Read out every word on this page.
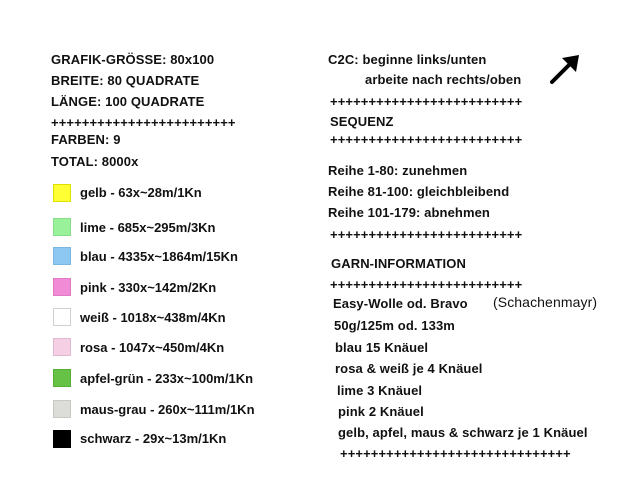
GRAFIK-GRÖSSE: 80x100
BREITE: 80 QUADRATE
LÄNGE: 100 QUADRATE
++++++++++++++++++++++++
FARBEN: 9
TOTAL: 8000x
gelb - 63x~28m/1Kn
lime - 685x~295m/3Kn
blau - 4335x~1864m/15Kn
pink - 330x~142m/2Kn
weiß - 1018x~438m/4Kn
rosa - 1047x~450m/4Kn
apfel-grün - 233x~100m/1Kn
maus-grau - 260x~111m/1Kn
schwarz - 29x~13m/1Kn
C2C: beginne links/unten
arbeite nach rechts/oben
+++++++++++++++++++++++++
SEQUENZ
+++++++++++++++++++++++++
Reihe 1-80: zunehmen
Reihe 81-100: gleichbleibend
Reihe 101-179: abnehmen
+++++++++++++++++++++++++
GARN-INFORMATION
+++++++++++++++++++++++++
Easy-Wolle od. Bravo (Schachenmayr)
50g/125m od. 133m
blau 15 Knäuel
rosa & weiß je 4 Knäuel
lime 3 Knäuel
pink 2 Knäuel
gelb, apfel, maus & schwarz je 1 Knäuel
++++++++++++++++++++++++++++++
